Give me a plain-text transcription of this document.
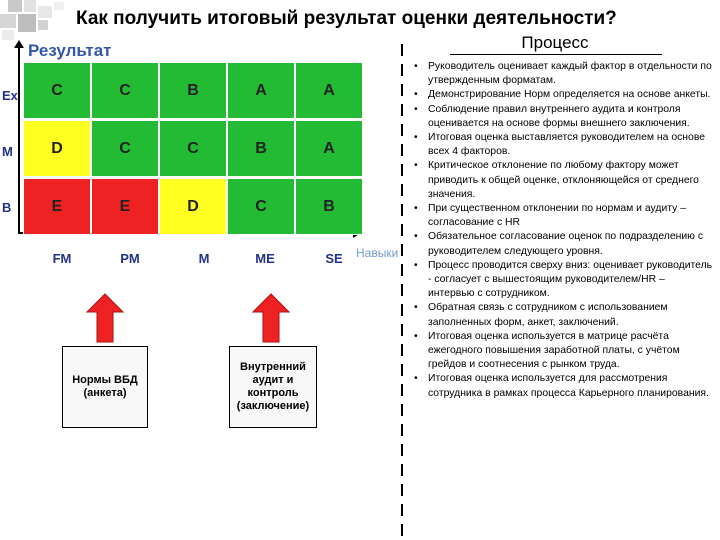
Как получить итоговый результат оценки деятельности?
Процесс
Результат
Ex
M
B
C	C	B	A	A
D	C	C	B	A
E	E	D	C	B
FM	PM	M	ME	SE	Навыки
Нормы ВБД (анкета)
Внутренний аудит и контроль (заключение)
• Руководитель оценивает каждый фактор в отдельности по утвержденным форматам.
• Демонстрирование Норм определяется на основе анкеты.
• Соблюдение правил внутреннего аудита и контроля оценивается на основе формы внешнего заключения.
• Итоговая оценка выставляется руководителем на основе всех 4 факторов.
• Критическое отклонение по любому фактору может приводить к общей оценке, отклоняющейся от среднего значения.
• При существенном отклонении по нормам и аудиту – согласование с HR
• Обязательное согласование оценок по подразделению с руководителем следующего уровня.
• Процесс проводится сверху вниз: оценивает руководитель - согласует с вышестоящим руководителем/HR – интервью с сотрудником.
• Обратная связь с сотрудником с использованием заполненных форм, анкет, заключений.
• Итоговая оценка используется в матрице расчёта ежегодного повышения заработной платы, с учётом грейдов и соотнесения с рынком труда.
• Итоговая оценка используется для рассмотрения сотрудника в рамках процесса Карьерного планирования.
